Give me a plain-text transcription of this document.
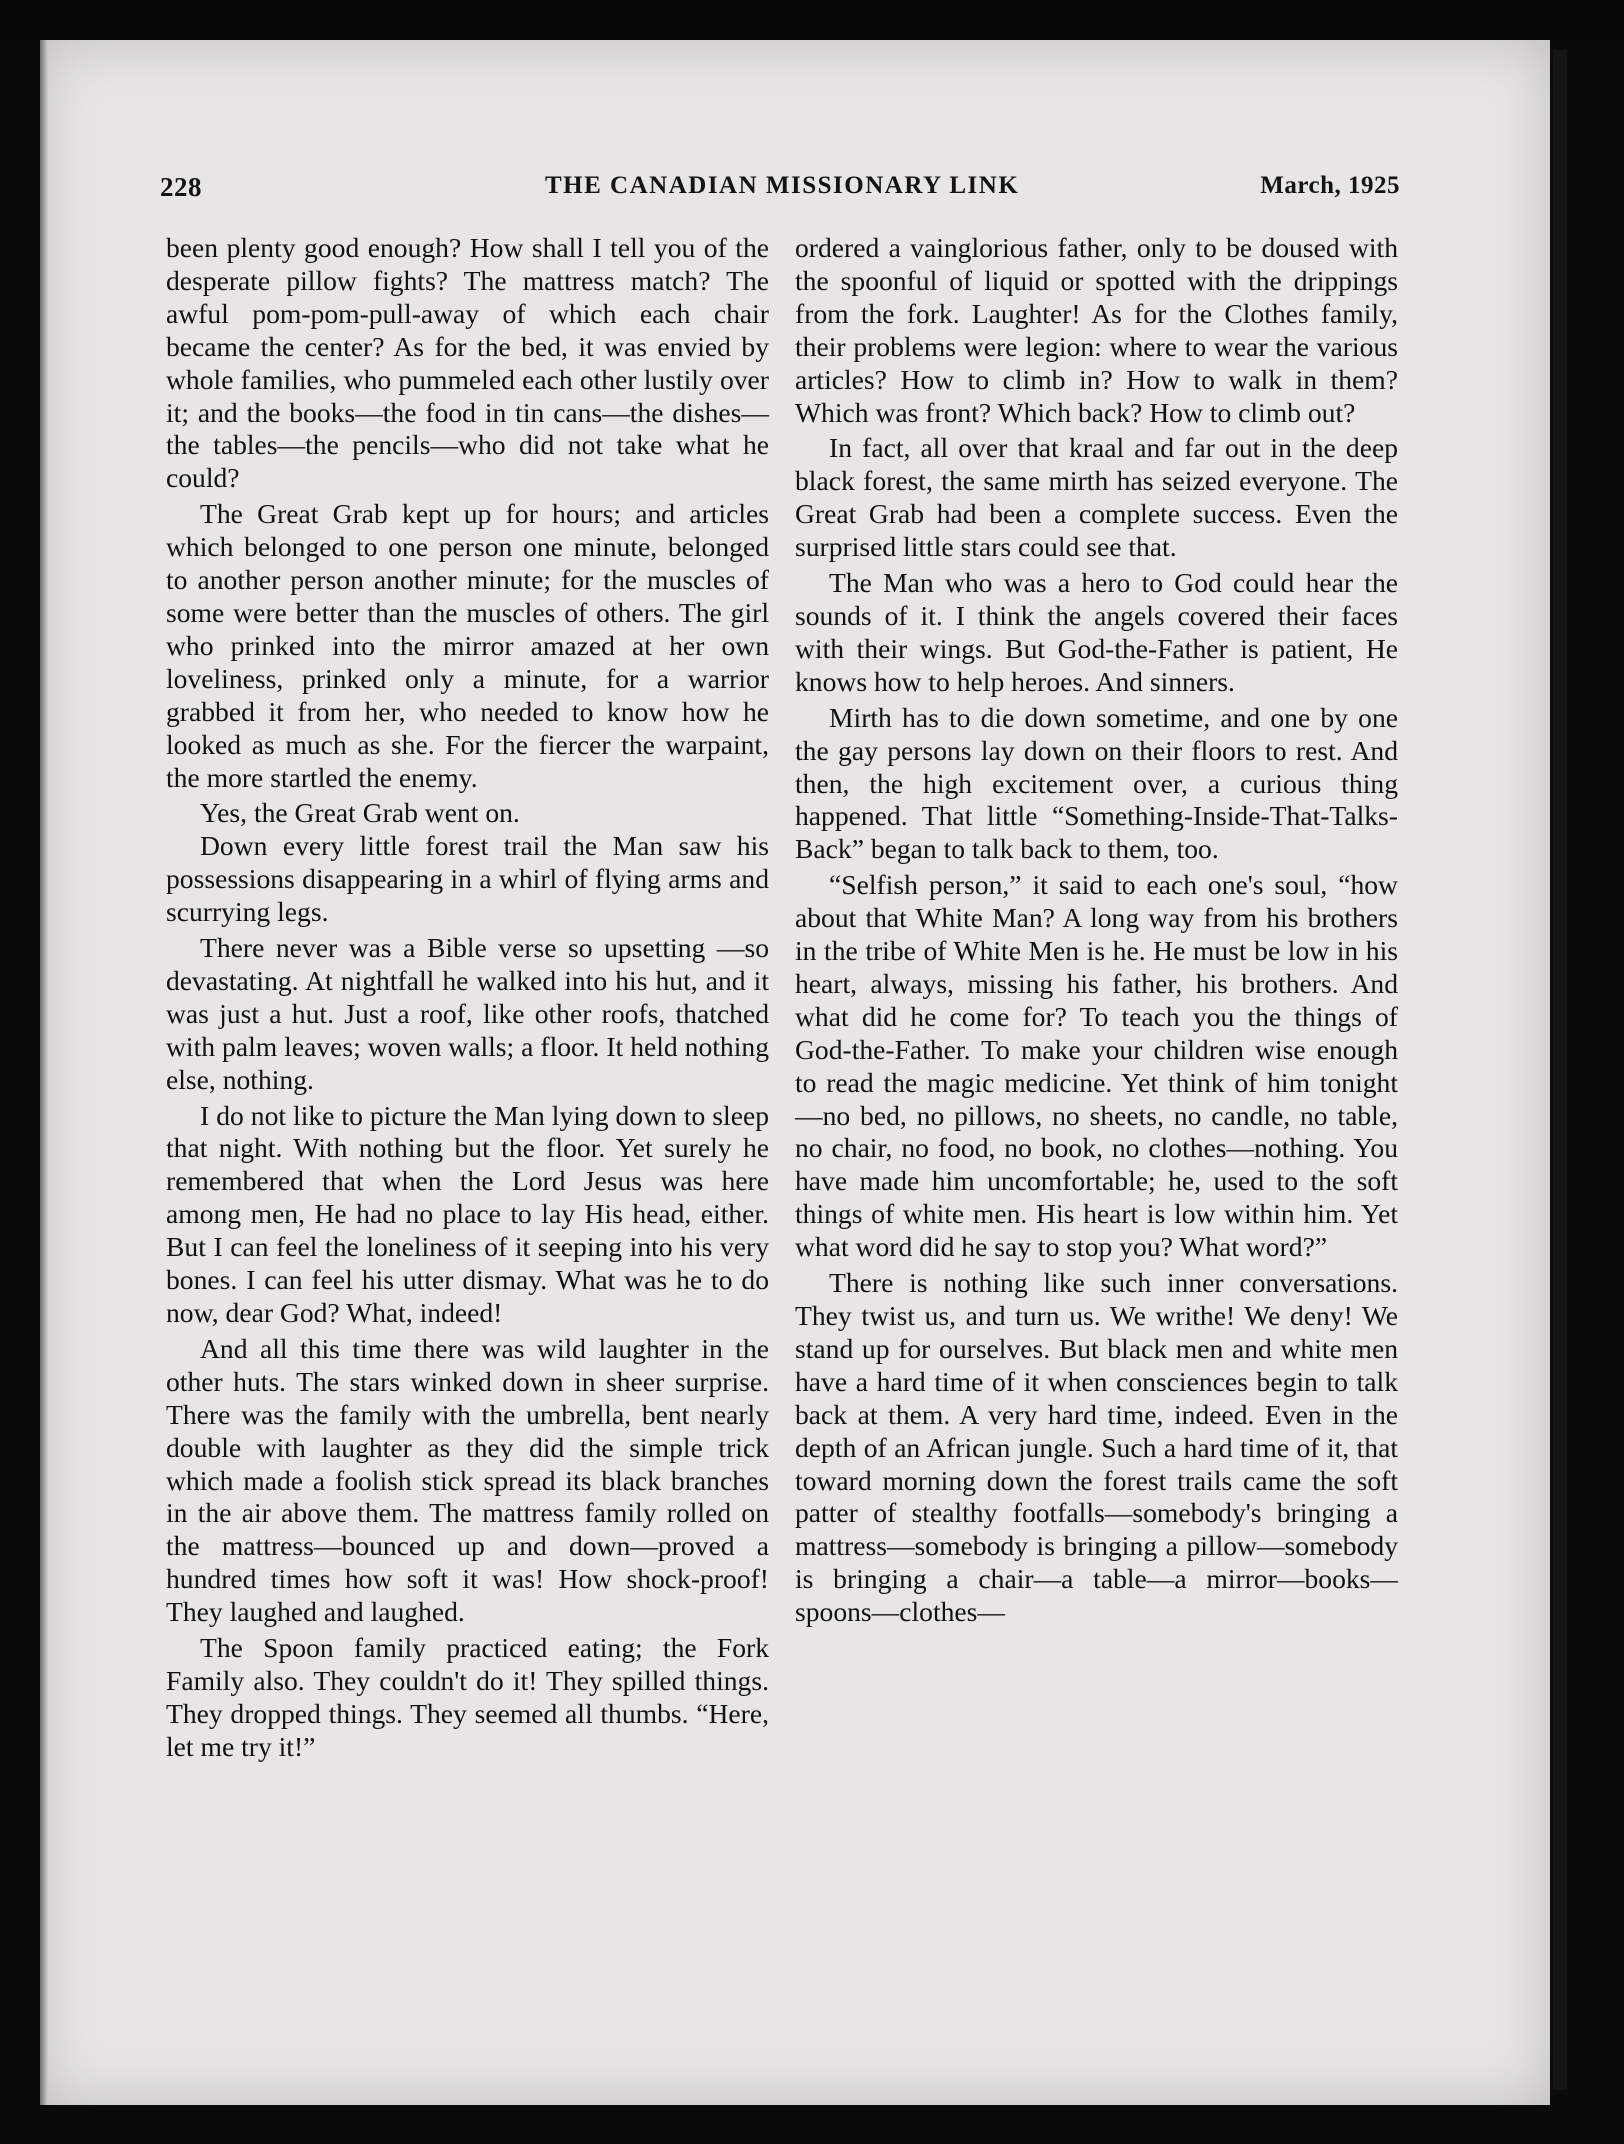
228	THE CANADIAN MISSIONARY LINK	March, 1925

been plenty good enough? How shall I tell you of the desperate pillow fights? The mattress match? The awful pom-pom-pull-away of which each chair became the center? As for the bed, it was envied by whole families, who pummeled each other lustily over it; and the books—the food in tin cans—the dishes—the tables—the pencils—who did not take what he could?

The Great Grab kept up for hours; and articles which belonged to one person one minute, belonged to another person another minute; for the muscles of some were better than the muscles of others. The girl who prinked into the mirror amazed at her own loveliness, prinked only a minute, for a warrior grabbed it from her, who needed to know how he looked as much as she. For the fiercer the warpaint, the more startled the enemy.

Yes, the Great Grab went on.

Down every little forest trail the Man saw his possessions disappearing in a whirl of flying arms and scurrying legs.

There never was a Bible verse so upsetting —so devastating. At nightfall he walked into his hut, and it was just a hut. Just a roof, like other roofs, thatched with palm leaves; woven walls; a floor. It held nothing else, nothing.

I do not like to picture the Man lying down to sleep that night. With nothing but the floor. Yet surely he remembered that when the Lord Jesus was here among men, He had no place to lay His head, either. But I can feel the loneliness of it seeping into his very bones. I can feel his utter dismay. What was he to do now, dear God? What, indeed!

And all this time there was wild laughter in the other huts. The stars winked down in sheer surprise. There was the family with the umbrella, bent nearly double with laughter as they did the simple trick which made a foolish stick spread its black branches in the air above them. The mattress family rolled on the mattress—bounced up and down—proved a hundred times how soft it was! How shock-proof! They laughed and laughed.

The Spoon family practiced eating; the Fork Family also. They couldn't do it! They spilled things. They dropped things. They seemed all thumbs. “Here, let me try it!”

ordered a vainglorious father, only to be doused with the spoonful of liquid or spotted with the drippings from the fork. Laughter! As for the Clothes family, their problems were legion: where to wear the various articles? How to climb in? How to walk in them? Which was front? Which back? How to climb out?

In fact, all over that kraal and far out in the deep black forest, the same mirth has seized everyone. The Great Grab had been a complete success. Even the surprised little stars could see that.

The Man who was a hero to God could hear the sounds of it. I think the angels covered their faces with their wings. But God-the-Father is patient, He knows how to help heroes. And sinners.

Mirth has to die down sometime, and one by one the gay persons lay down on their floors to rest. And then, the high excitement over, a curious thing happened. That little “Something-Inside-That-Talks-Back” began to talk back to them, too.

“Selfish person,” it said to each one's soul, “how about that White Man? A long way from his brothers in the tribe of White Men is he. He must be low in his heart, always, missing his father, his brothers. And what did he come for? To teach you the things of God-the-Father. To make your children wise enough to read the magic medicine. Yet think of him tonight—no bed, no pillows, no sheets, no candle, no table, no chair, no food, no book, no clothes—nothing. You have made him uncomfortable; he, used to the soft things of white men. His heart is low within him. Yet what word did he say to stop you? What word?”

There is nothing like such inner conversations. They twist us, and turn us. We writhe! We deny! We stand up for ourselves. But black men and white men have a hard time of it when consciences begin to talk back at them. A very hard time, indeed. Even in the depth of an African jungle. Such a hard time of it, that toward morning down the forest trails came the soft patter of stealthy footfalls—somebody's bringing a mattress—somebody is bringing a pillow—somebody is bringing a chair—a table—a mirror—books—spoons—clothes—
